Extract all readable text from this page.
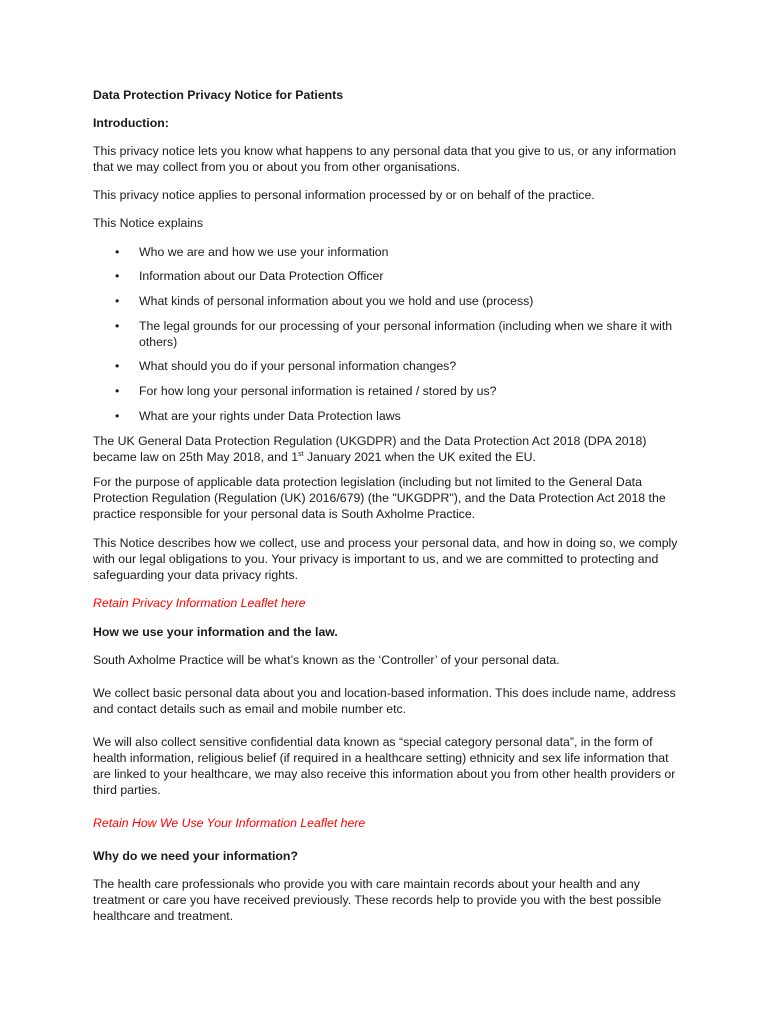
Data Protection Privacy Notice for Patients

Introduction:

This privacy notice lets you know what happens to any personal data that you give to us, or any information that we may collect from you or about you from other organisations.

This privacy notice applies to personal information processed by or on behalf of the practice.

This Notice explains

• Who we are and how we use your information
• Information about our Data Protection Officer
• What kinds of personal information about you we hold and use (process)
• The legal grounds for our processing of your personal information (including when we share it with others)
• What should you do if your personal information changes?
• For how long your personal information is retained / stored by us?
• What are your rights under Data Protection laws

The UK General Data Protection Regulation (UKGDPR) and the Data Protection Act 2018 (DPA 2018) became law on 25th May 2018, and 1st January 2021 when the UK exited the EU.

For the purpose of applicable data protection legislation (including but not limited to the General Data Protection Regulation (Regulation (UK) 2016/679) (the "UKGDPR"), and the Data Protection Act 2018 the practice responsible for your personal data is South Axholme Practice.

This Notice describes how we collect, use and process your personal data, and how in doing so, we comply with our legal obligations to you. Your privacy is important to us, and we are committed to protecting and safeguarding your data privacy rights.

Retain Privacy Information Leaflet here

How we use your information and the law.

South Axholme Practice will be what’s known as the ‘Controller’ of your personal data.

We collect basic personal data about you and location-based information. This does include name, address and contact details such as email and mobile number etc.

We will also collect sensitive confidential data known as “special category personal data”, in the form of health information, religious belief (if required in a healthcare setting) ethnicity and sex life information that are linked to your healthcare, we may also receive this information about you from other health providers or third parties.

Retain How We Use Your Information Leaflet here

Why do we need your information?

The health care professionals who provide you with care maintain records about your health and any treatment or care you have received previously. These records help to provide you with the best possible healthcare and treatment.
